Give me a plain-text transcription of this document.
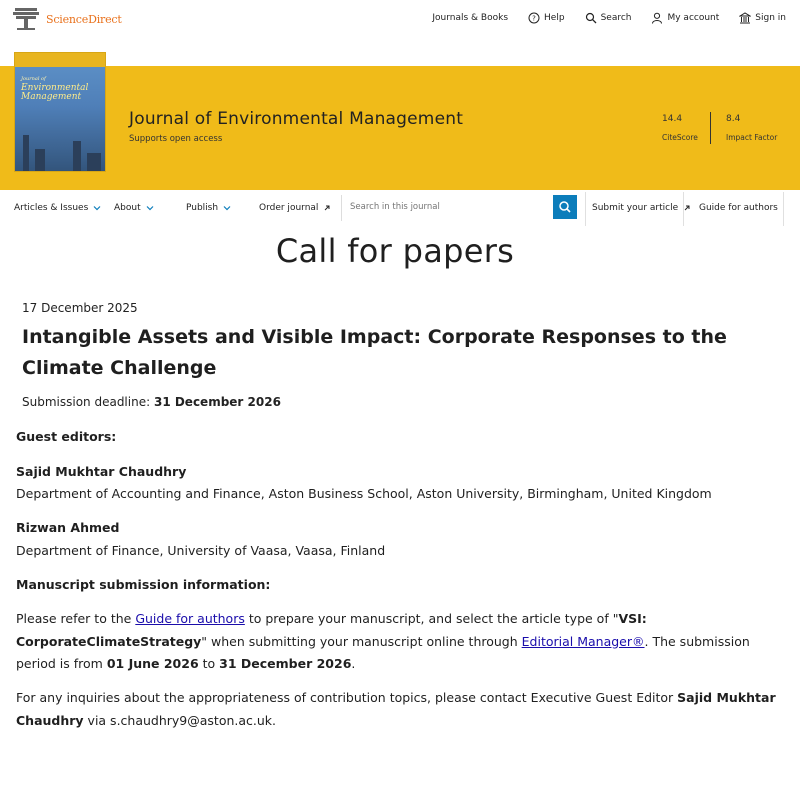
ScienceDirect	Journals & Books	? Help	Search	My account	Sign in
Journal of
Environmental
Management
Journal of Environmental Management
Supports open access
14.4
CiteScore
8.4
Impact Factor
Articles & Issues	About	Publish	Order journal
Search in this journal	Submit your article Guide for authors
Call for papers
17 December 2025
Intangible Assets and Visible Impact: Corporate Responses to the Climate Challenge
Submission deadline: 31 December 2026
Guest editors:
Sajid Mukhtar Chaudhry
Department of Accounting and Finance, Aston Business School, Aston University, Birmingham, United Kingdom
Rizwan Ahmed
Department of Finance, University of Vaasa, Vaasa, Finland
Manuscript submission information:
Please refer to the Guide for authors to prepare your manuscript, and select the article type of "VSI: CorporateClimateStrategy" when submitting your manuscript online through Editorial Manager®. The submission period is from 01 June 2026 to 31 December 2026.
For any inquiries about the appropriateness of contribution topics, please contact Executive Guest Editor Sajid Mukhtar Chaudhry via s.chaudhry9@aston.ac.uk.
